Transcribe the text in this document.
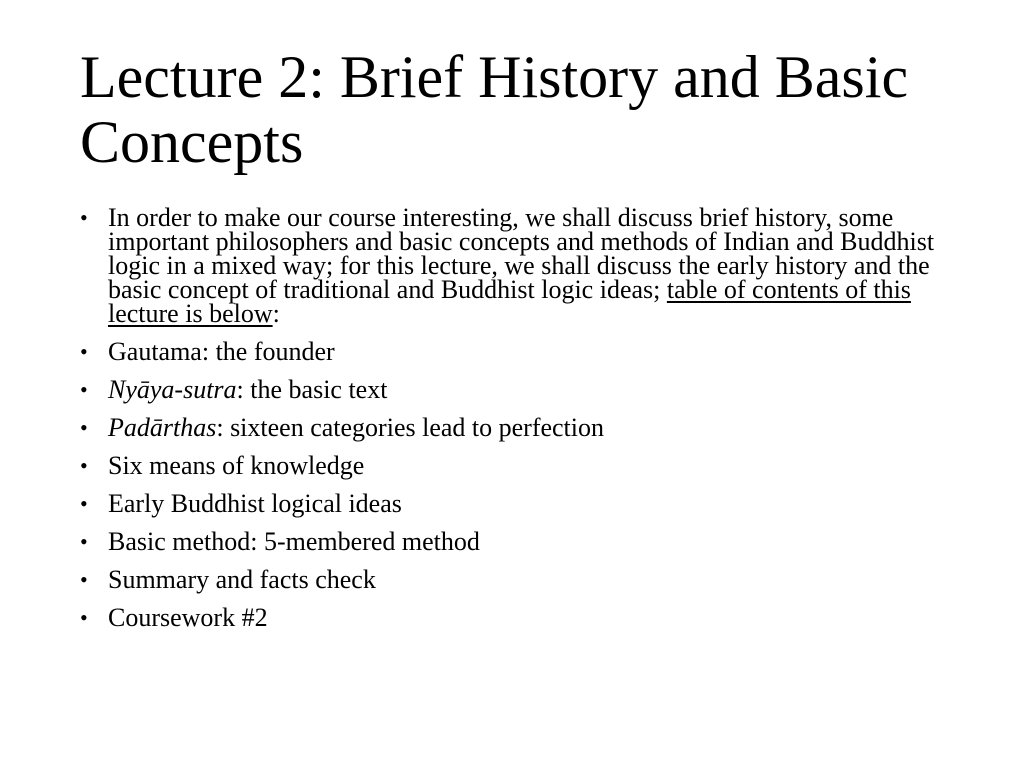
Lecture 2: Brief History and Basic Concepts
• In order to make our course interesting, we shall discuss brief history, some important philosophers and basic concepts and methods of Indian and Buddhist logic in a mixed way; for this lecture, we shall discuss the early history and the basic concept of traditional and Buddhist logic ideas; table of contents of this lecture is below:
• Gautama: the founder
• Nyāya-sutra: the basic text
• Padārthas: sixteen categories lead to perfection
• Six means of knowledge
• Early Buddhist logical ideas
• Basic method: 5-membered method
• Summary and facts check
• Coursework #2
